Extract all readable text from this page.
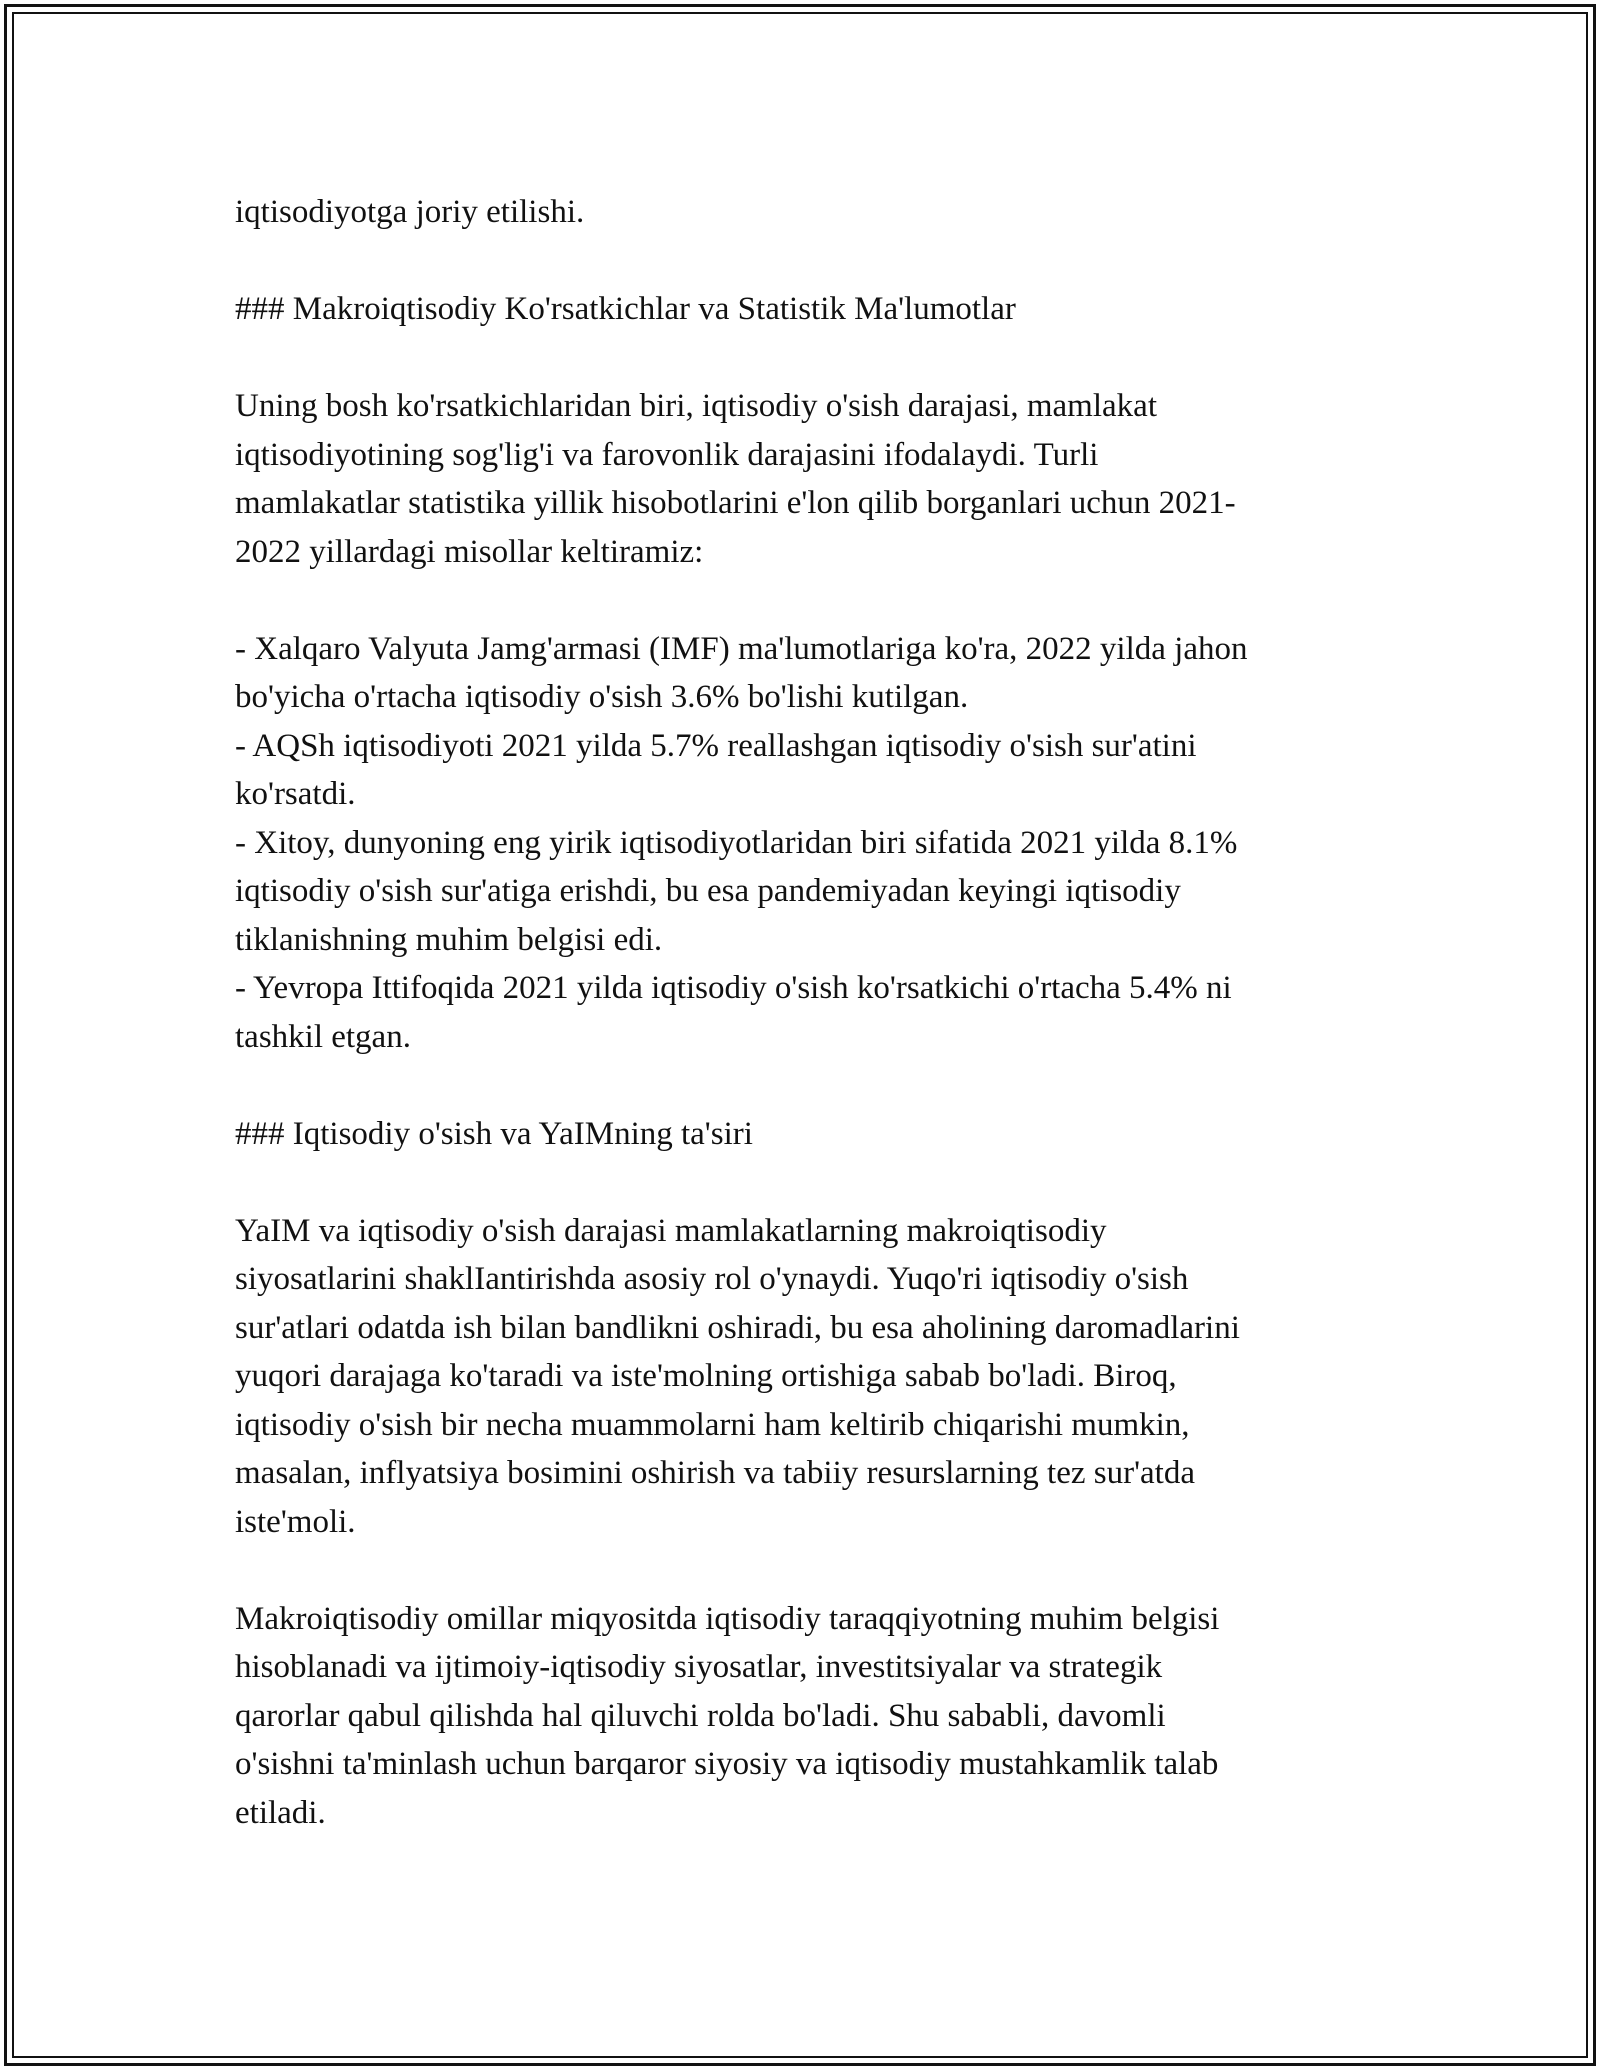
iqtisodiyotga joriy etilishi.

### Makroiqtisodiy Ko'rsatkichlar va Statistik Ma'lumotlar

Uning bosh ko'rsatkichlaridan biri, iqtisodiy o'sish darajasi, mamlakat
iqtisodiyotining sog'lig'i va farovonlik darajasini ifodalaydi. Turli
mamlakatlar statistika yillik hisobotlarini e'lon qilib borganlari uchun 2021-
2022 yillardagi misollar keltiramiz:

- Xalqaro Valyuta Jamg'armasi (IMF) ma'lumotlariga ko'ra, 2022 yilda jahon
bo'yicha o'rtacha iqtisodiy o'sish 3.6% bo'lishi kutilgan.

- AQSh iqtisodiyoti 2021 yilda 5.7% reallashgan iqtisodiy o'sish sur'atini
ko'rsatdi.

- Xitoy, dunyoning eng yirik iqtisodiyotlaridan biri sifatida 2021 yilda 8.1%
iqtisodiy o'sish sur'atiga erishdi, bu esa pandemiyadan keyingi iqtisodiy
tiklanishning muhim belgisi edi.

- Yevropa Ittifoqida 2021 yilda iqtisodiy o'sish ko'rsatkichi o'rtacha 5.4% ni
tashkil etgan.

### Iqtisodiy o'sish va YaIMning ta'siri

YaIM va iqtisodiy o'sish darajasi mamlakatlarning makroiqtisodiy
siyosatlarini shaklIantirishda asosiy rol o'ynaydi. Yuqo'ri iqtisodiy o'sish
sur'atlari odatda ish bilan bandlikni oshiradi, bu esa aholining daromadlarini
yuqori darajaga ko'taradi va iste'molning ortishiga sabab bo'ladi. Biroq,
iqtisodiy o'sish bir necha muammolarni ham keltirib chiqarishi mumkin,
masalan, inflyatsiya bosimini oshirish va tabiiy resurslarning tez sur'atda
iste'moli.

Makroiqtisodiy omillar miqyositda iqtisodiy taraqqiyotning muhim belgisi
hisoblanadi va ijtimoiy-iqtisodiy siyosatlar, investitsiyalar va strategik
qarorlar qabul qilishda hal qiluvchi rolda bo'ladi. Shu sababli, davomli
o'sishni ta'minlash uchun barqaror siyosiy va iqtisodiy mustahkamlik talab
etiladi.
